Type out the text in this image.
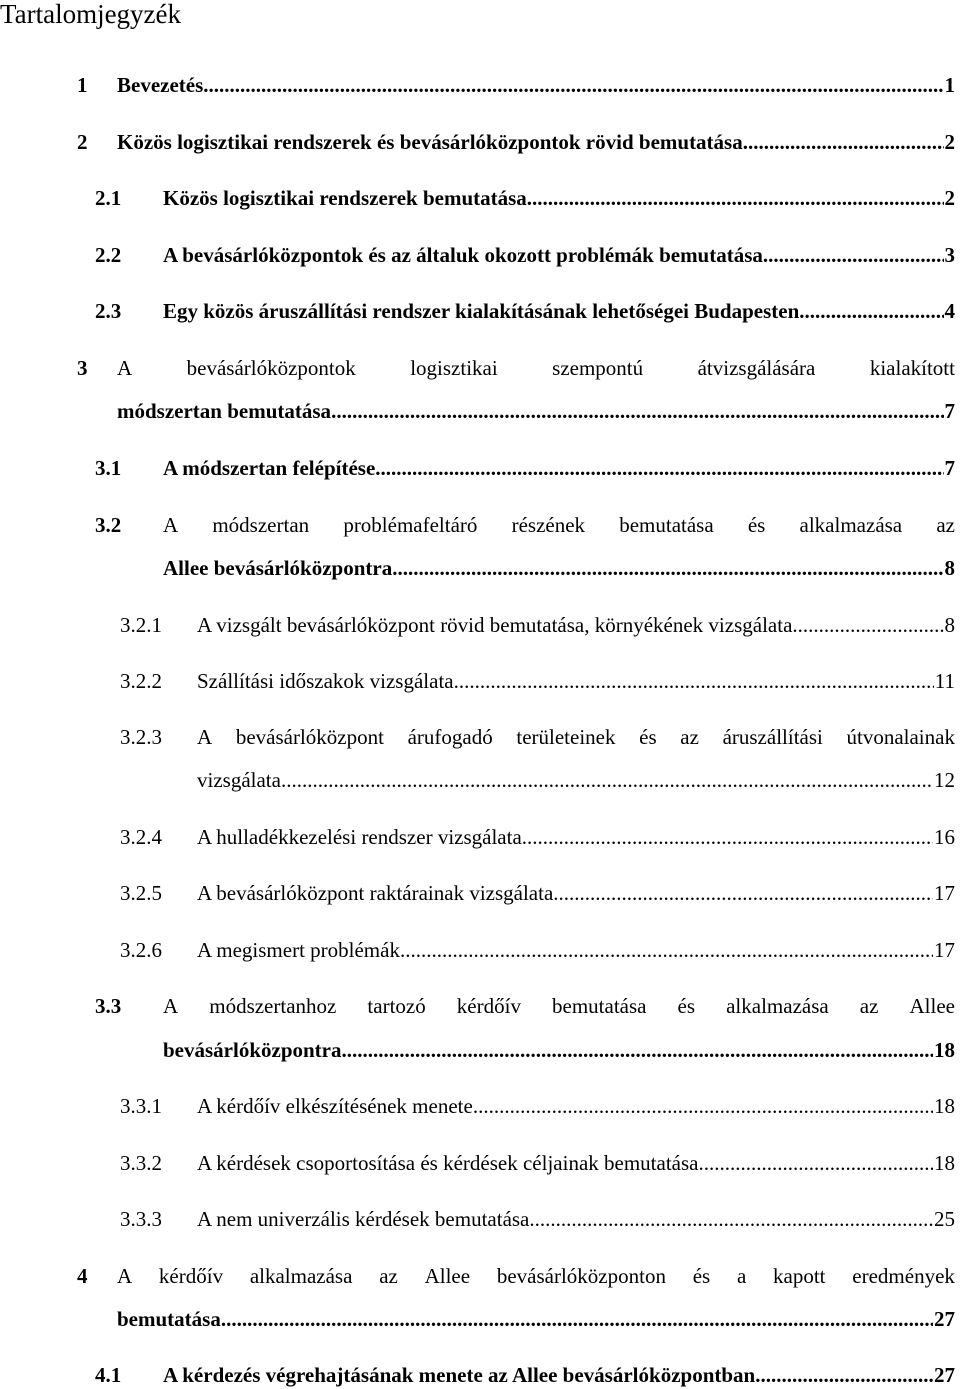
Tartalomjegyzék
1 Bevezetés .....	1
2 Közös logisztikai rendszerek és bevásárlóközpontok rövid bemutatása .....	2
2.1 Közös logisztikai rendszerek bemutatása .....	2
2.2 A bevásárlóközpontok és az általuk okozott problémák bemutatása .....	3
2.3 Egy közös áruszállítási rendszer kialakításának lehetőségei Budapesten .....	4
3 A	bevásárlóközpontok	logisztikai	szempontú	átvizsgálására	kialakított
módszertan bemutatása .....	7
3.1 A módszertan felépítése .....	7
3.2 A módszertan problémafeltáró részének bemutatása és alkalmazása az
Allee bevásárlóközpontra .....	8
3.2.1 A vizsgált bevásárlóközpont rövid bemutatása, környékének vizsgálata .....	8
3.2.2 Szállítási időszakok vizsgálata .....	11
3.2.3 A bevásárlóközpont árufogadó területeinek és az áruszállítási útvonalainak
vizsgálata .....	12
3.2.4 A hulladékkezelési rendszer vizsgálata .....	16
3.2.5 A bevásárlóközpont raktárainak vizsgálata .....	17
3.2.6 A megismert problémák .....	17
3.3 A módszertanhoz tartozó kérdőív bemutatása és alkalmazása az Allee
bevásárlóközpontra .....	18
3.3.1 A kérdőív elkészítésének menete .....	18
3.3.2 A kérdések csoportosítása és kérdések céljainak bemutatása .....	18
3.3.3 A nem univerzális kérdések bemutatása .....	25
4 A kérdőív alkalmazása az Allee bevásárlóközponton és a kapott eredmények
bemutatása .....	27
4.1 A kérdezés végrehajtásának menete az Allee bevásárlóközpontban .....	27
